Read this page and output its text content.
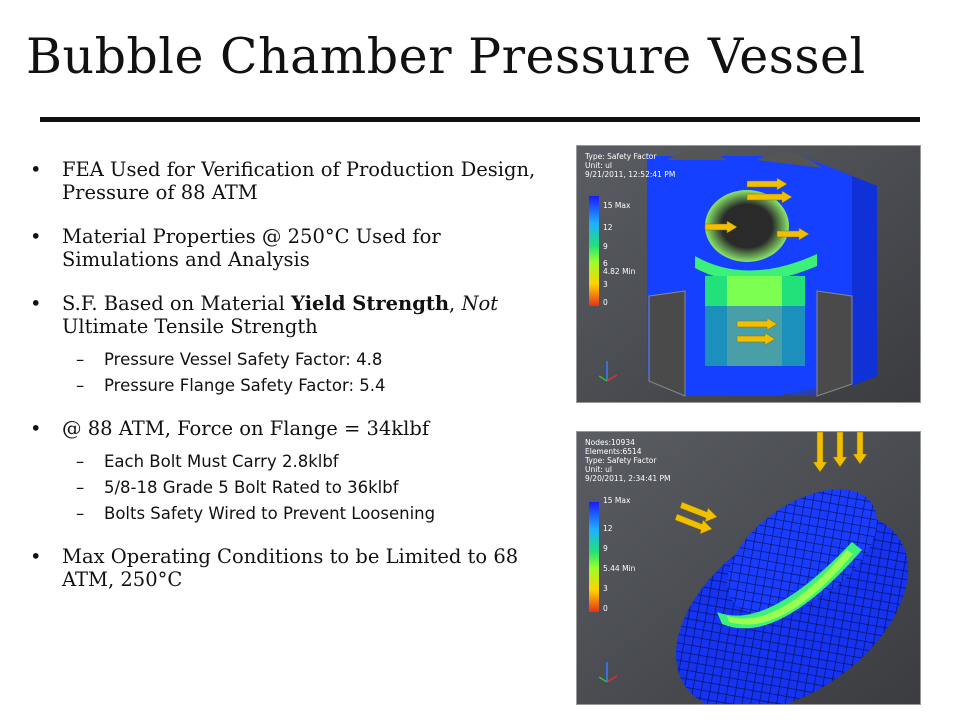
Bubble Chamber Pressure Vessel
• FEA Used for Verification of Production Design, Pressure of 88 ATM
• Material Properties @ 250°C Used for Simulations and Analysis
• S.F. Based on Material Yield Strength, Not Ultimate Tensile Strength
– Pressure Vessel Safety Factor: 4.8
– Pressure Flange Safety Factor: 5.4
• @ 88 ATM, Force on Flange = 34klbf
– Each Bolt Must Carry 2.8klbf
– 5/8-18 Grade 5 Bolt Rated to 36klbf
– Bolts Safety Wired to Prevent Loosening
• Max Operating Conditions to be Limited to 68 ATM, 250°C
Type: Safety Factor
Unit: ul
9/21/2011, 12:52:41 PM
15 Max
12
9
6
4.82 Min
3
0
Nodes:10934
Elements:6514
Type: Safety Factor
Unit: ul
9/20/2011, 2:34:41 PM
15 Max
12
9
5.44 Min
3
0
